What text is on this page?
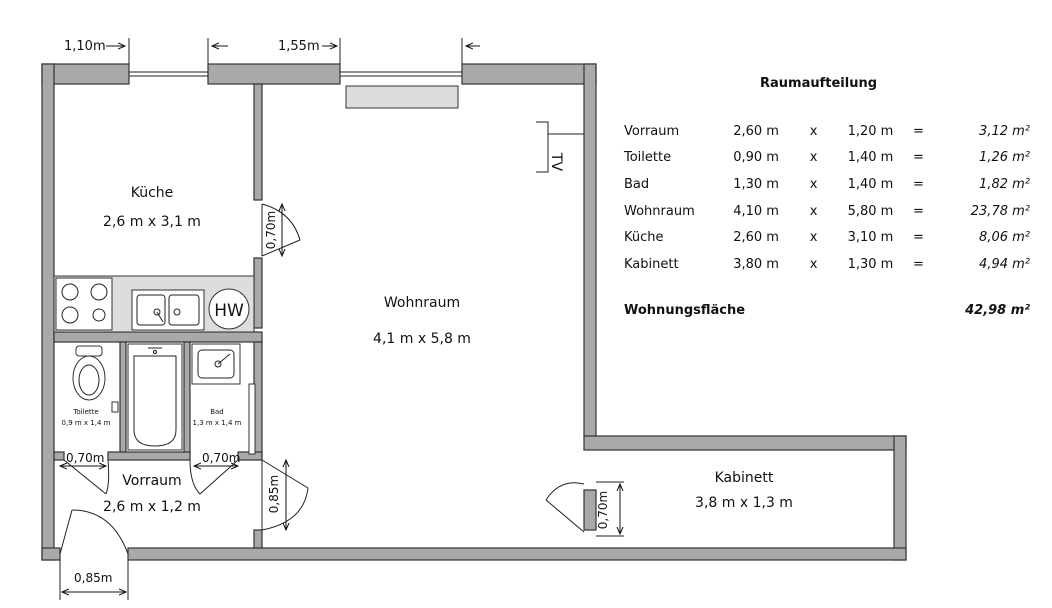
TV
HW
1,10m	1,55m
0,70m
0,70m	0,70m
0,85m
0,85m
0,70m
Küche
2,6 m x 3,1 m
Wohnraum
4,1 m x 5,8 m
Toilette
0,9 m x 1,4 m
Bad
1,3 m x 1,4 m
Vorraum
2,6 m x 1,2 m
Kabinett
3,8 m x 1,3 m
Raumaufteilung
Vorraum	2,60 m	x	1,20 m	=	3,12 m²
Toilette	0,90 m	x	1,40 m	=	1,26 m²
Bad	1,30 m	x	1,40 m	=	1,82 m²
Wohnraum	4,10 m	x	5,80 m	=	23,78 m²
Küche	2,60 m	x	3,10 m	=	8,06 m²
Kabinett	3,80 m	x	1,30 m	=	4,94 m²
Wohnungsfläche	42,98 m²
